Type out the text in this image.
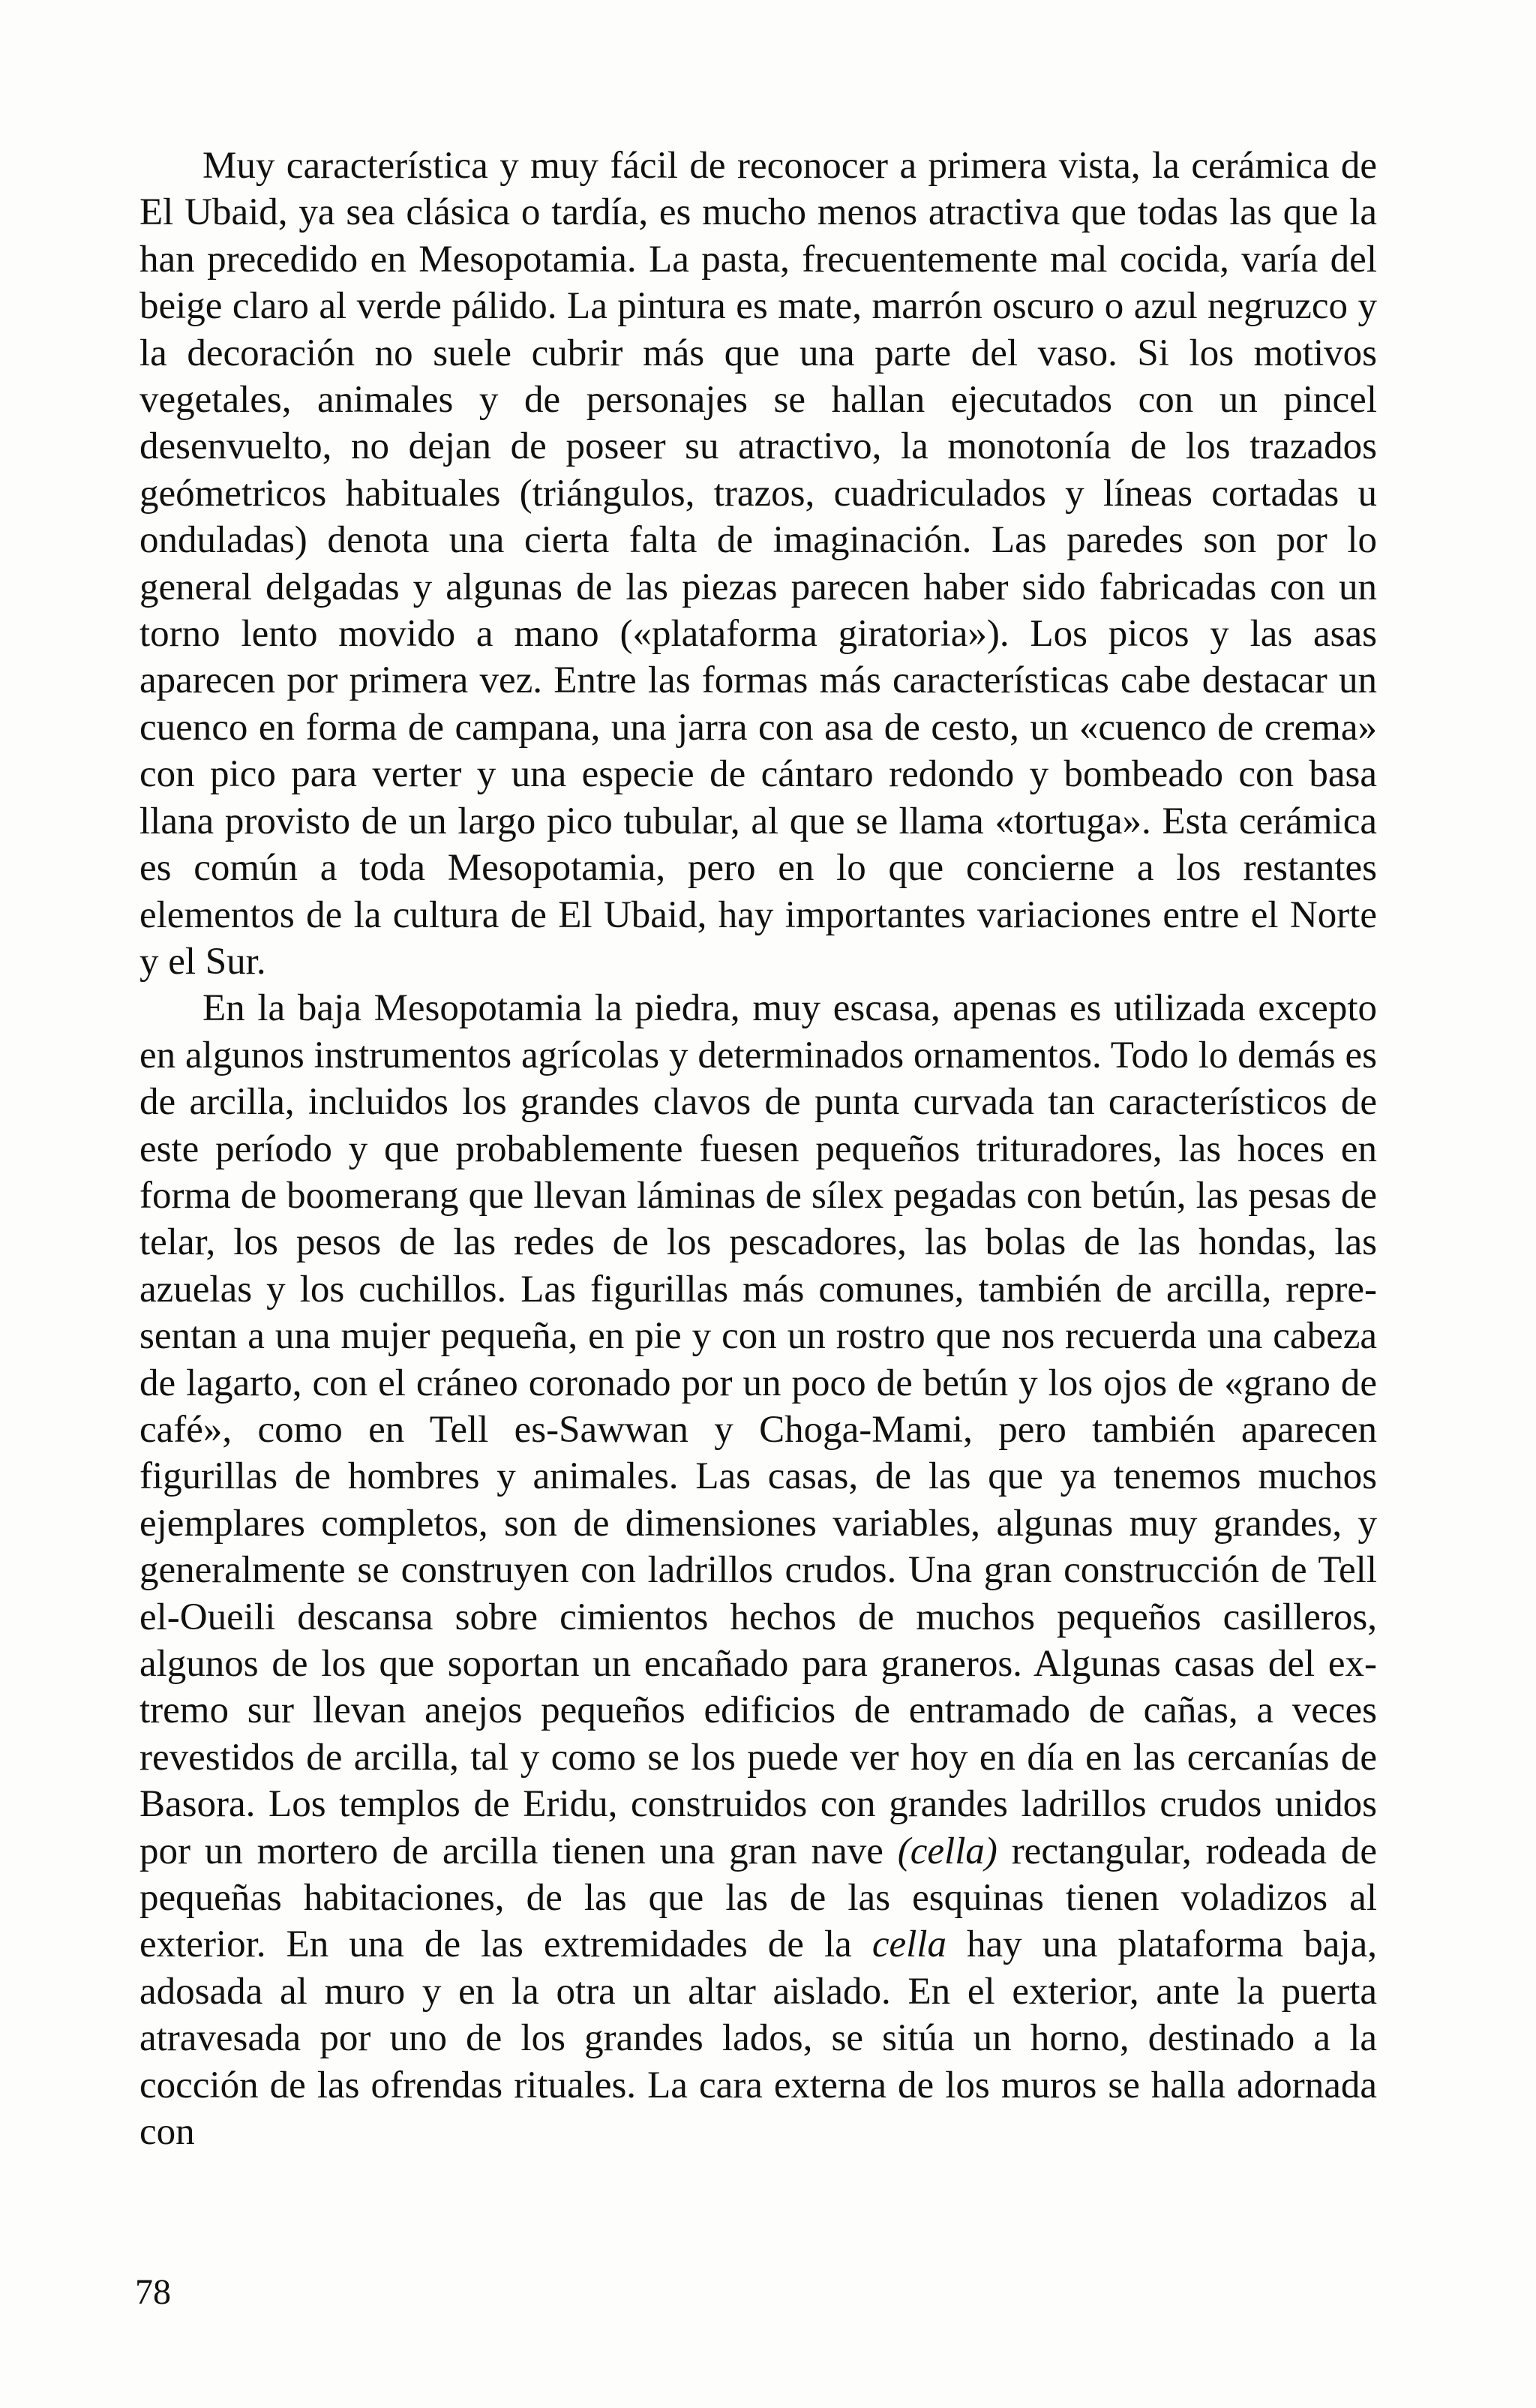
Muy característica y muy fácil de reconocer a primera vista, la cerámica de El Ubaid, ya sea clásica o tardía, es mucho menos atractiva que todas las que la han precedido en Mesopotamia. La pasta, frecuentemente mal cocida, varía del beige claro al verde pálido. La pintura es mate, marrón oscuro o azul negruzco y la decoración no suele cubrir más que una parte del vaso. Si los motivos vegetales, animales y de personajes se hallan ejecutados con un pincel desenvuelto, no dejan de poseer su atractivo, la monotonía de los trazados geómetricos habituales (triángulos, trazos, cuadriculados y líneas cortadas u onduladas) denota una cierta falta de imaginación. Las paredes son por lo general delgadas y algunas de las piezas parecen haber sido fabricadas con un torno lento movido a mano («plataforma giratoria»). Los picos y las asas aparecen por primera vez. Entre las formas más características cabe destacar un cuenco en forma de campana, una jarra con asa de cesto, un «cuenco de crema» con pico para verter y una especie de cántaro redondo y bombeado con basa llana provisto de un largo pico tubular, al que se llama «tortuga». Esta cerámica es común a toda Mesopotamia, pero en lo que concierne a los restantes elementos de la cultura de El Ubaid, hay importantes variaciones entre el Norte y el Sur.

En la baja Mesopotamia la piedra, muy escasa, apenas es utilizada excepto en algunos instrumentos agrícolas y determinados ornamentos. Todo lo demás es de arcilla, incluidos los grandes clavos de punta curvada tan característicos de este período y que probablemente fuesen pequeños trituradores, las hoces en forma de boomerang que llevan láminas de sílex pegadas con betún, las pesas de telar, los pesos de las redes de los pescadores, las bolas de las hondas, las azuelas y los cuchillos. Las figurillas más comunes, también de arcilla, representan a una mujer pequeña, en pie y con un rostro que nos recuerda una cabeza de lagarto, con el cráneo coronado por un poco de betún y los ojos de «grano de café», como en Tell es-Sawwan y Choga-Mami, pero también aparecen figurillas de hombres y animales. Las casas, de las que ya tenemos muchos ejemplares completos, son de dimensiones variables, algunas muy grandes, y generalmente se construyen con ladrillos crudos. Una gran construcción de Tell el-Oueili descansa sobre cimientos hechos de muchos pequeños casilleros, algunos de los que soportan un encañado para graneros. Algunas casas del extremo sur llevan anejos pequeños edificios de entramado de cañas, a veces revestidos de arcilla, tal y como se los puede ver hoy en día en las cercanías de Basora. Los templos de Eridu, construidos con grandes ladrillos crudos unidos por un mortero de arcilla tienen una gran nave (cella) rectangular, rodeada de pequeñas habitaciones, de las que las de las esquinas tienen voladizos al exterior. En una de las extremidades de la cella hay una plataforma baja, adosada al muro y en la otra un altar aislado. En el exterior, ante la puerta atravesada por uno de los grandes lados, se sitúa un horno, destinado a la cocción de las ofrendas rituales. La cara externa de los muros se halla adornada con

78
